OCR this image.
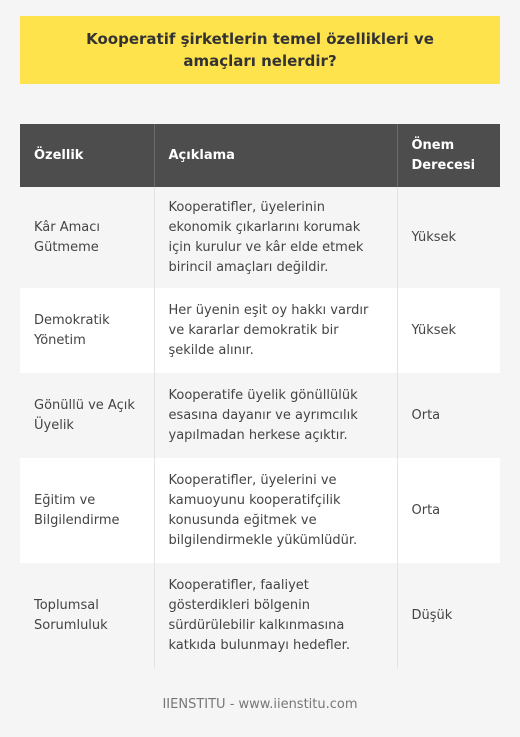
Kooperatif şirketlerin temel özellikleri ve amaçları nelerdir?
Özellik	Açıklama	Önem Derecesi
Kâr Amacı Gütmeme	Kooperatifler, üyelerinin ekonomik çıkarlarını korumak için kurulur ve kâr elde etmek birincil amaçları değildir.	Yüksek
Demokratik Yönetim	Her üyenin eşit oy hakkı vardır ve kararlar demokratik bir şekilde alınır.	Yüksek
Gönüllü ve Açık Üyelik	Kooperatife üyelik gönüllülük esasına dayanır ve ayrımcılık yapılmadan herkese açıktır.	Orta
Eğitim ve Bilgilendirme	Kooperatifler, üyelerini ve kamuoyunu kooperatifçilik konusunda eğitmek ve bilgilendirmekle yükümlüdür.	Orta
Toplumsal Sorumluluk	Kooperatifler, faaliyet gösterdikleri bölgenin sürdürülebilir kalkınmasına katkıda bulunmayı hedefler.	Düşük
IIENSTITU - www.iienstitu.com
